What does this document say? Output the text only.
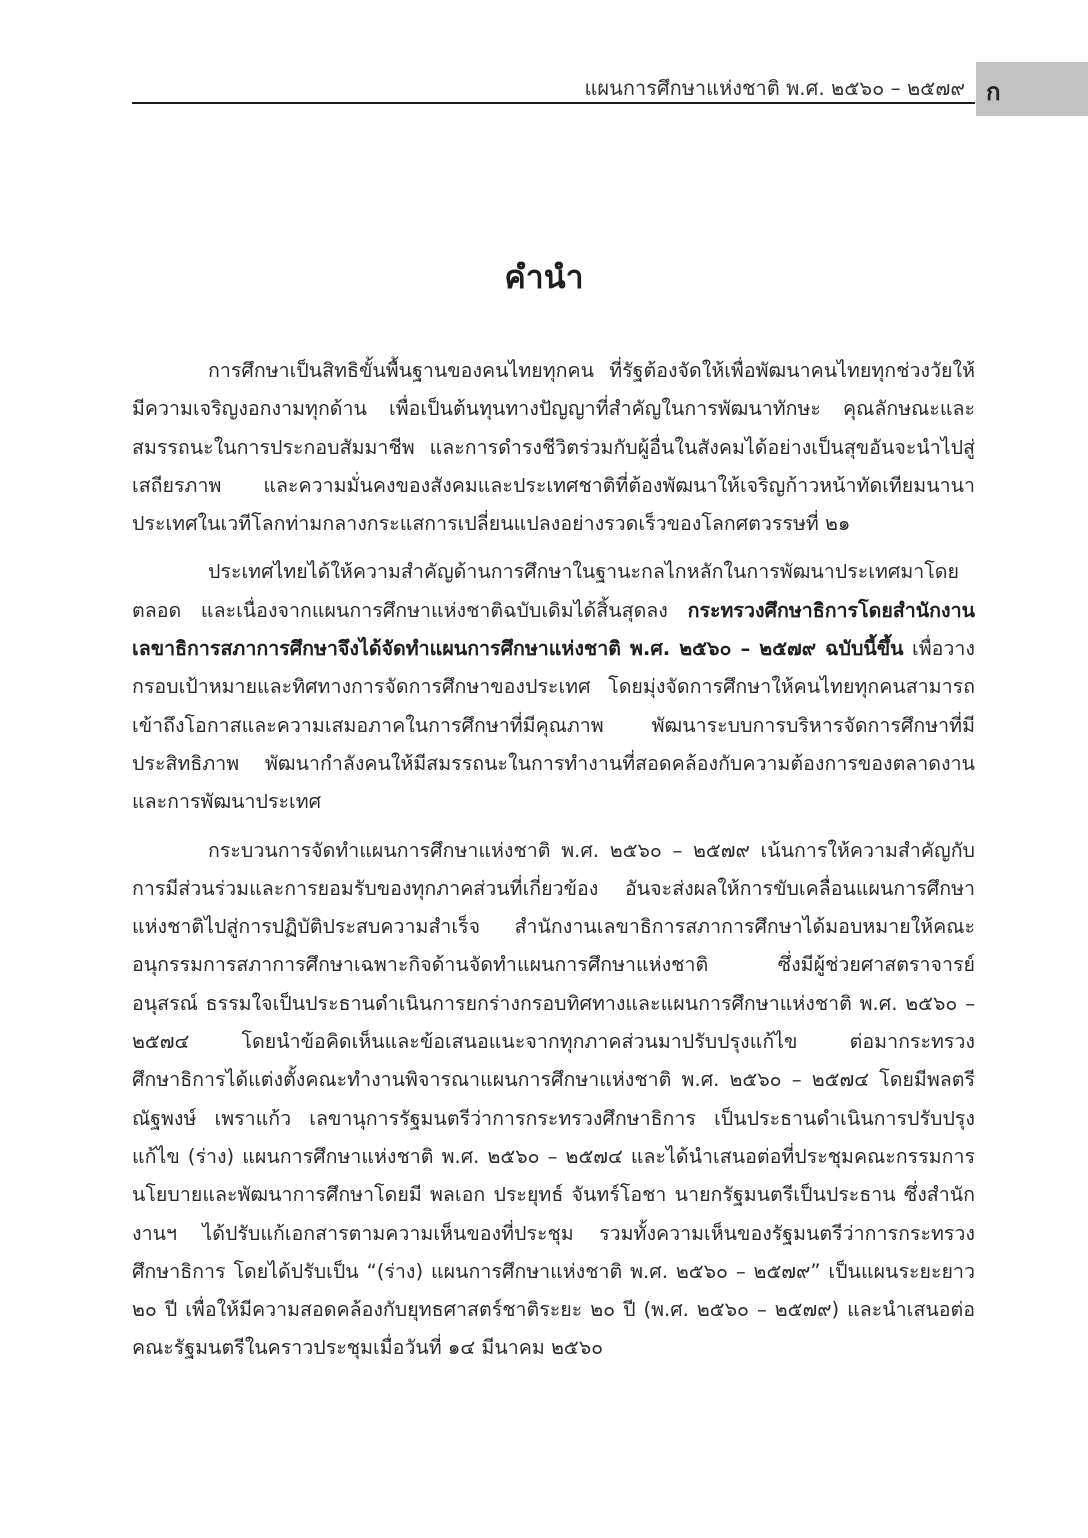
แผนการศึกษาแห่งชาติ พ.ศ. ๒๕๖๐ – ๒๕๗๙ ก
คำนำ

การศึกษาเป็นสิทธิขั้นพื้นฐานของคนไทยทุกคน ที่รัฐต้องจัดให้เพื่อพัฒนาคนไทยทุกช่วงวัยให้มีความเจริญงอกงามทุกด้าน เพื่อเป็นต้นทุนทางปัญญาที่สำคัญในการพัฒนาทักษะ คุณลักษณะและสมรรถนะในการประกอบสัมมาชีพ และการดำรงชีวิตร่วมกับผู้อื่นในสังคมได้อย่างเป็นสุขอันจะนำไปสู่เสถียรภาพ และความมั่นคงของสังคมและประเทศชาติที่ต้องพัฒนาให้เจริญก้าวหน้าทัดเทียมนานาประเทศในเวทีโลกท่ามกลางกระแสการเปลี่ยนแปลงอย่างรวดเร็วของโลกศตวรรษที่ ๒๑

ประเทศไทยได้ให้ความสำคัญด้านการศึกษาในฐานะกลไกหลักในการพัฒนาประเทศมาโดยตลอด และเนื่องจากแผนการศึกษาแห่งชาติฉบับเดิมได้สิ้นสุดลง กระทรวงศึกษาธิการโดยสำนักงานเลขาธิการสภาการศึกษาจึงได้จัดทำแผนการศึกษาแห่งชาติ พ.ศ. ๒๕๖๐ – ๒๕๗๙ ฉบับนี้ขึ้น เพื่อวางกรอบเป้าหมายและทิศทางการจัดการศึกษาของประเทศ โดยมุ่งจัดการศึกษาให้คนไทยทุกคนสามารถเข้าถึงโอกาสและความเสมอภาคในการศึกษาที่มีคุณภาพ พัฒนาระบบการบริหารจัดการศึกษาที่มีประสิทธิภาพ พัฒนากำลังคนให้มีสมรรถนะในการทำงานที่สอดคล้องกับความต้องการของตลาดงานและการพัฒนาประเทศ

กระบวนการจัดทำแผนการศึกษาแห่งชาติ พ.ศ. ๒๕๖๐ – ๒๕๗๙ เน้นการให้ความสำคัญกับการมีส่วนร่วมและการยอมรับของทุกภาคส่วนที่เกี่ยวข้อง อันจะส่งผลให้การขับเคลื่อนแผนการศึกษาแห่งชาติไปสู่การปฏิบัติประสบความสำเร็จ สำนักงานเลขาธิการสภาการศึกษาได้มอบหมายให้คณะอนุกรรมการสภาการศึกษาเฉพาะกิจด้านจัดทำแผนการศึกษาแห่งชาติ ซึ่งมีผู้ช่วยศาสตราจารย์อนุสรณ์ ธรรมใจเป็นประธานดำเนินการยกร่างกรอบทิศทางและแผนการศึกษาแห่งชาติ พ.ศ. ๒๕๖๐ – ๒๕๗๔ โดยนำข้อคิดเห็นและข้อเสนอแนะจากทุกภาคส่วนมาปรับปรุงแก้ไข ต่อมากระทรวงศึกษาธิการได้แต่งตั้งคณะทำงานพิจารณาแผนการศึกษาแห่งชาติ พ.ศ. ๒๕๖๐ – ๒๕๗๔ โดยมีพลตรี ณัฐพงษ์ เพราแก้ว เลขานุการรัฐมนตรีว่าการกระทรวงศึกษาธิการ เป็นประธานดำเนินการปรับปรุงแก้ไข (ร่าง) แผนการศึกษาแห่งชาติ พ.ศ. ๒๕๖๐ – ๒๕๗๔ และได้นำเสนอต่อที่ประชุมคณะกรรมการนโยบายและพัฒนาการศึกษาโดยมี พลเอก ประยุทธ์ จันทร์โอชา นายกรัฐมนตรีเป็นประธาน ซึ่งสำนักงานฯ ได้ปรับแก้เอกสารตามความเห็นของที่ประชุม รวมทั้งความเห็นของรัฐมนตรีว่าการกระทรวงศึกษาธิการ โดยได้ปรับเป็น “(ร่าง) แผนการศึกษาแห่งชาติ พ.ศ. ๒๕๖๐ – ๒๕๗๙” เป็นแผนระยะยาว ๒๐ ปี เพื่อให้มีความสอดคล้องกับยุทธศาสตร์ชาติระยะ ๒๐ ปี (พ.ศ. ๒๕๖๐ – ๒๕๗๙) และนำเสนอต่อคณะรัฐมนตรีในคราวประชุมเมื่อวันที่ ๑๔ มีนาคม ๒๕๖๐
